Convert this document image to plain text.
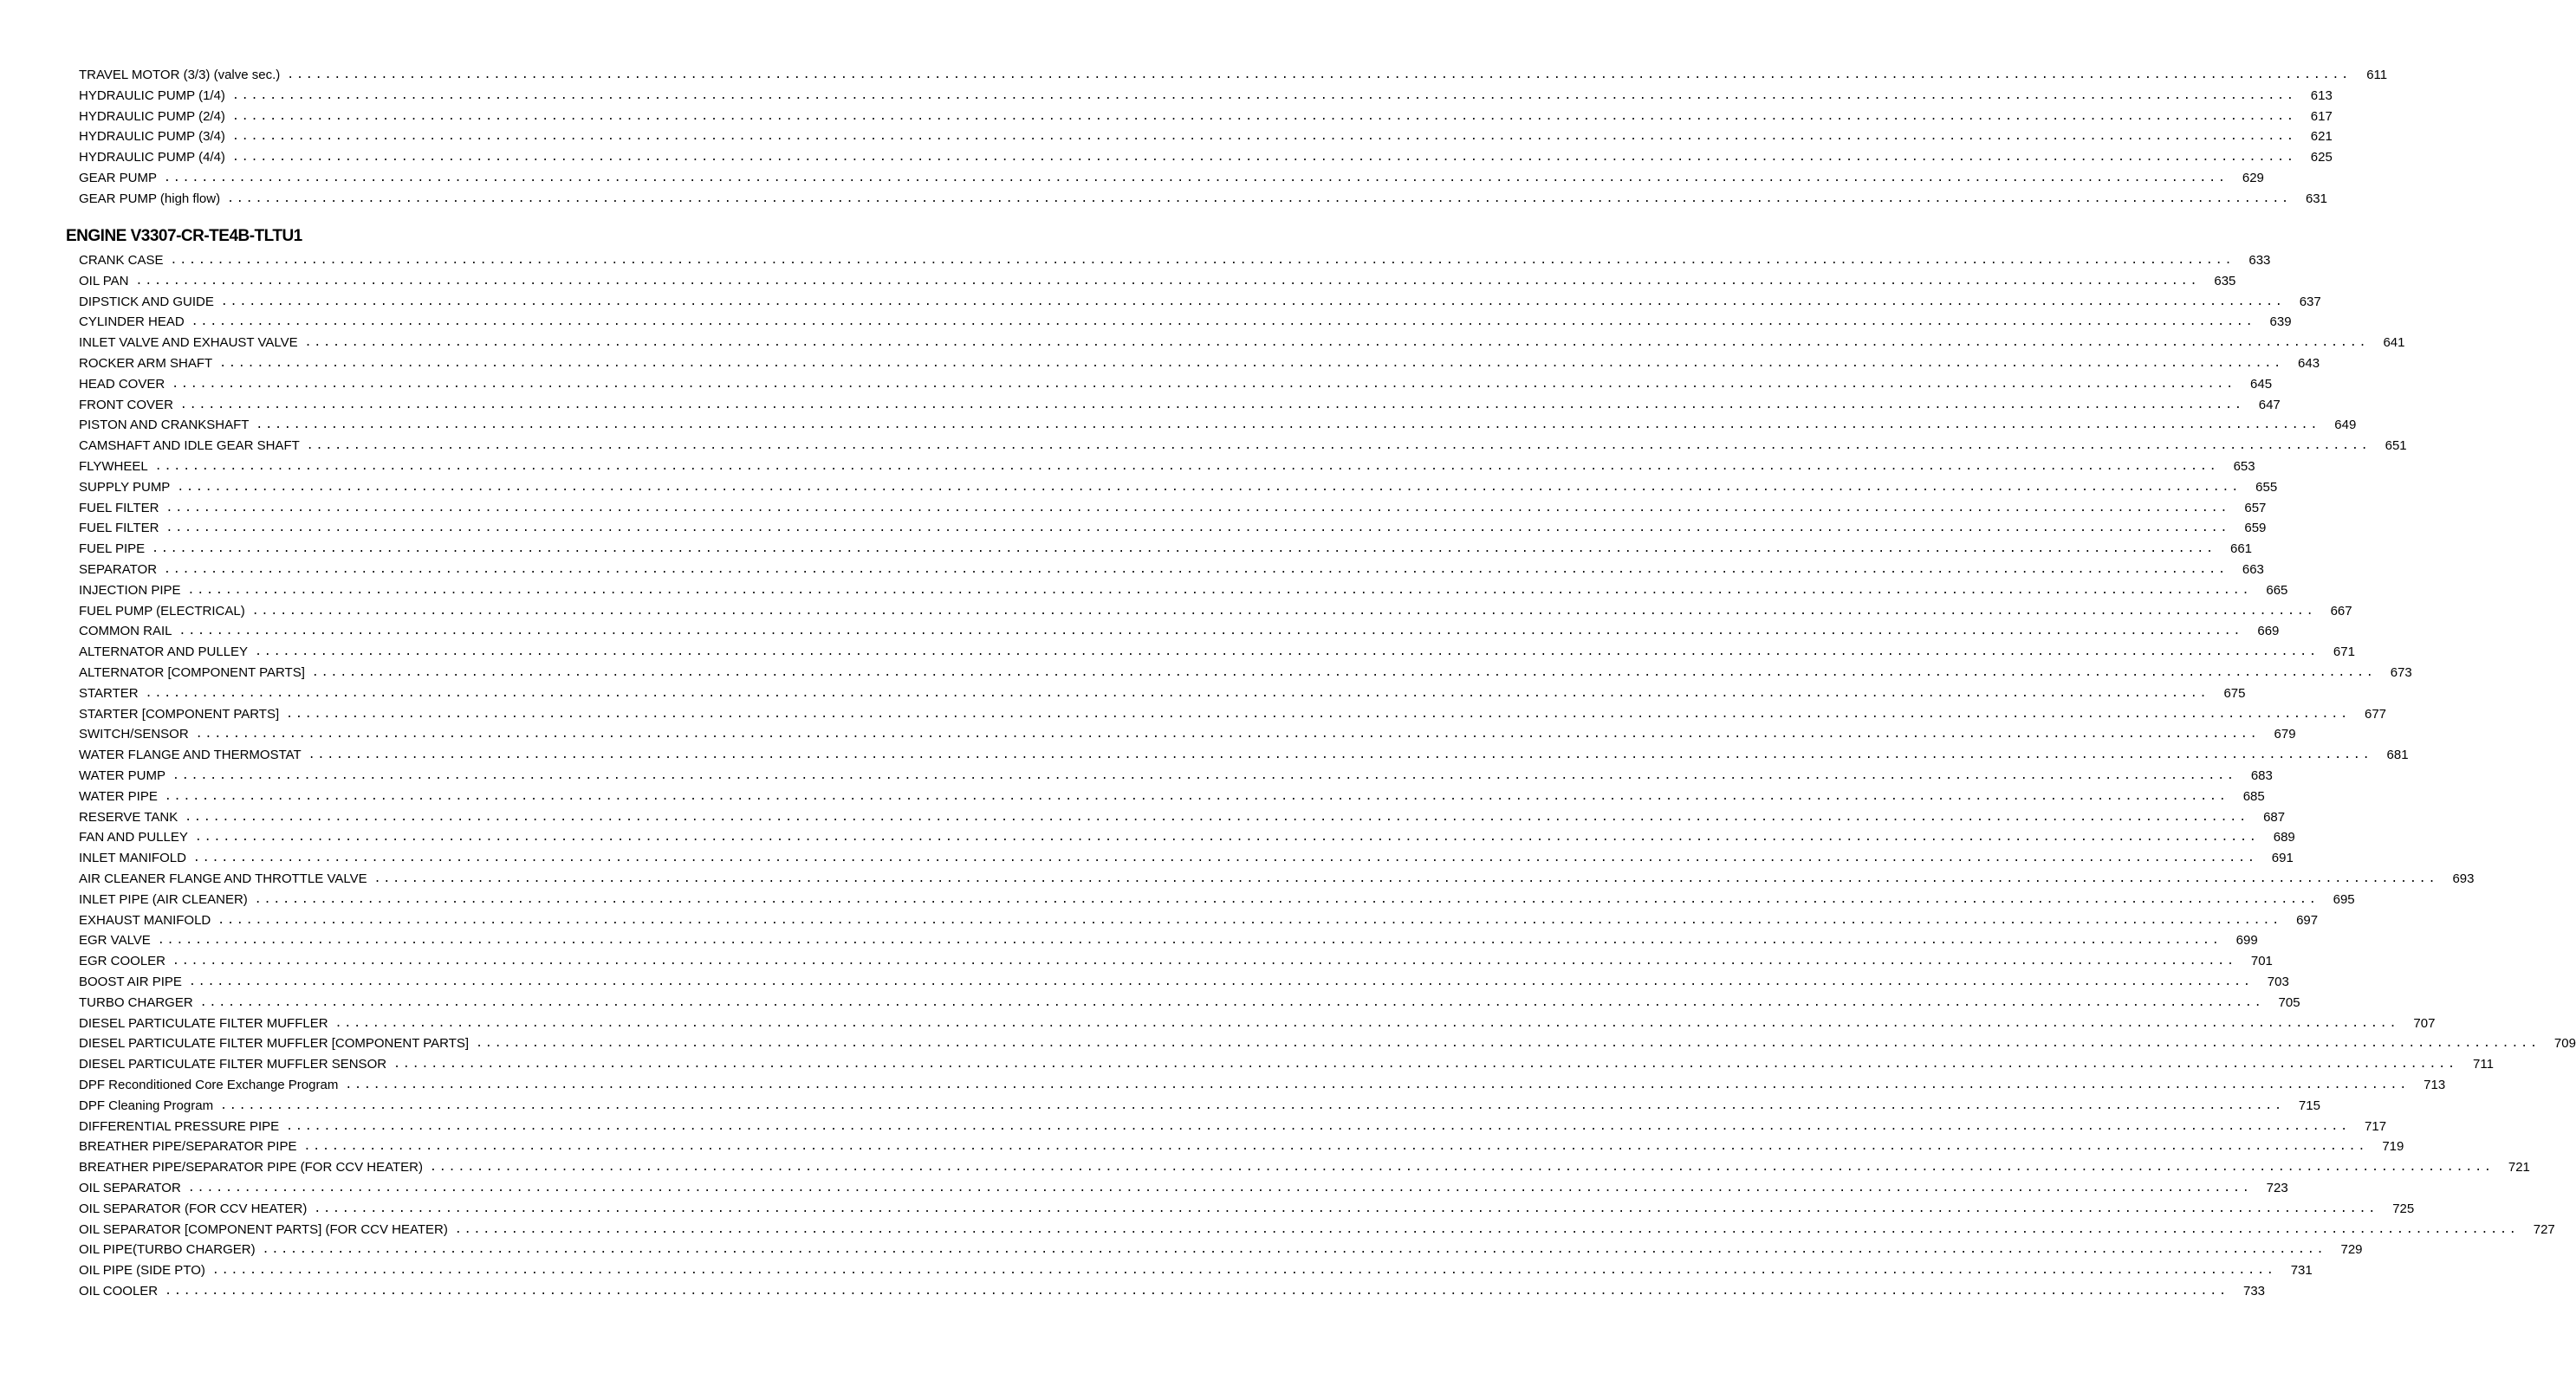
ENGINE V3307-CR-TE4B-TLTU1
TRAVEL MOTOR (3/3) (valve sec.) ............................................................................................................................................................................................................................	611
HYDRAULIC PUMP (1/4) ............................................................................................................................................................................................................................	613
HYDRAULIC PUMP (2/4) ............................................................................................................................................................................................................................	617
HYDRAULIC PUMP (3/4) ............................................................................................................................................................................................................................	621
HYDRAULIC PUMP (4/4) ............................................................................................................................................................................................................................	625
GEAR PUMP ............................................................................................................................................................................................................................	629
GEAR PUMP (high flow) ............................................................................................................................................................................................................................	631
CRANK CASE ............................................................................................................................................................................................................................	633
OIL PAN ............................................................................................................................................................................................................................	635
DIPSTICK AND GUIDE ............................................................................................................................................................................................................................	637
CYLINDER HEAD ............................................................................................................................................................................................................................	639
INLET VALVE AND EXHAUST VALVE ............................................................................................................................................................................................................................	641
ROCKER ARM SHAFT ............................................................................................................................................................................................................................	643
HEAD COVER ............................................................................................................................................................................................................................	645
FRONT COVER ............................................................................................................................................................................................................................	647
PISTON AND CRANKSHAFT ............................................................................................................................................................................................................................	649
CAMSHAFT AND IDLE GEAR SHAFT ............................................................................................................................................................................................................................	651
FLYWHEEL ............................................................................................................................................................................................................................	653
SUPPLY PUMP ............................................................................................................................................................................................................................	655
FUEL FILTER ............................................................................................................................................................................................................................	657
FUEL FILTER ............................................................................................................................................................................................................................	659
FUEL PIPE ............................................................................................................................................................................................................................	661
SEPARATOR ............................................................................................................................................................................................................................	663
INJECTION PIPE ............................................................................................................................................................................................................................	665
FUEL PUMP (ELECTRICAL) ............................................................................................................................................................................................................................	667
COMMON RAIL ............................................................................................................................................................................................................................	669
ALTERNATOR AND PULLEY ............................................................................................................................................................................................................................	671
ALTERNATOR [COMPONENT PARTS] ............................................................................................................................................................................................................................	673
STARTER ............................................................................................................................................................................................................................	675
STARTER [COMPONENT PARTS] ............................................................................................................................................................................................................................	677
SWITCH/SENSOR ............................................................................................................................................................................................................................	679
WATER FLANGE AND THERMOSTAT ............................................................................................................................................................................................................................	681
WATER PUMP ............................................................................................................................................................................................................................	683
WATER PIPE ............................................................................................................................................................................................................................	685
RESERVE TANK ............................................................................................................................................................................................................................	687
FAN AND PULLEY ............................................................................................................................................................................................................................	689
INLET MANIFOLD ............................................................................................................................................................................................................................	691
AIR CLEANER FLANGE AND THROTTLE VALVE ............................................................................................................................................................................................................................	693
INLET PIPE (AIR CLEANER) ............................................................................................................................................................................................................................	695
EXHAUST MANIFOLD ............................................................................................................................................................................................................................	697
EGR VALVE ............................................................................................................................................................................................................................	699
EGR COOLER ............................................................................................................................................................................................................................	701
BOOST AIR PIPE ............................................................................................................................................................................................................................	703
TURBO CHARGER ............................................................................................................................................................................................................................	705
DIESEL PARTICULATE FILTER MUFFLER ............................................................................................................................................................................................................................	707
DIESEL PARTICULATE FILTER MUFFLER [COMPONENT PARTS] ............................................................................................................................................................................................................................	709
DIESEL PARTICULATE FILTER MUFFLER SENSOR ............................................................................................................................................................................................................................	711
DPF Reconditioned Core Exchange Program ............................................................................................................................................................................................................................	713
DPF Cleaning Program ............................................................................................................................................................................................................................	715
DIFFERENTIAL PRESSURE PIPE ............................................................................................................................................................................................................................	717
BREATHER PIPE/SEPARATOR PIPE ............................................................................................................................................................................................................................	719
BREATHER PIPE/SEPARATOR PIPE (FOR CCV HEATER) ............................................................................................................................................................................................................................	721
OIL SEPARATOR ............................................................................................................................................................................................................................	723
OIL SEPARATOR (FOR CCV HEATER) ............................................................................................................................................................................................................................	725
OIL SEPARATOR [COMPONENT PARTS] (FOR CCV HEATER) ............................................................................................................................................................................................................................	727
OIL PIPE(TURBO CHARGER) ............................................................................................................................................................................................................................	729
OIL PIPE (SIDE PTO) ............................................................................................................................................................................................................................	731
OIL COOLER ............................................................................................................................................................................................................................	733
